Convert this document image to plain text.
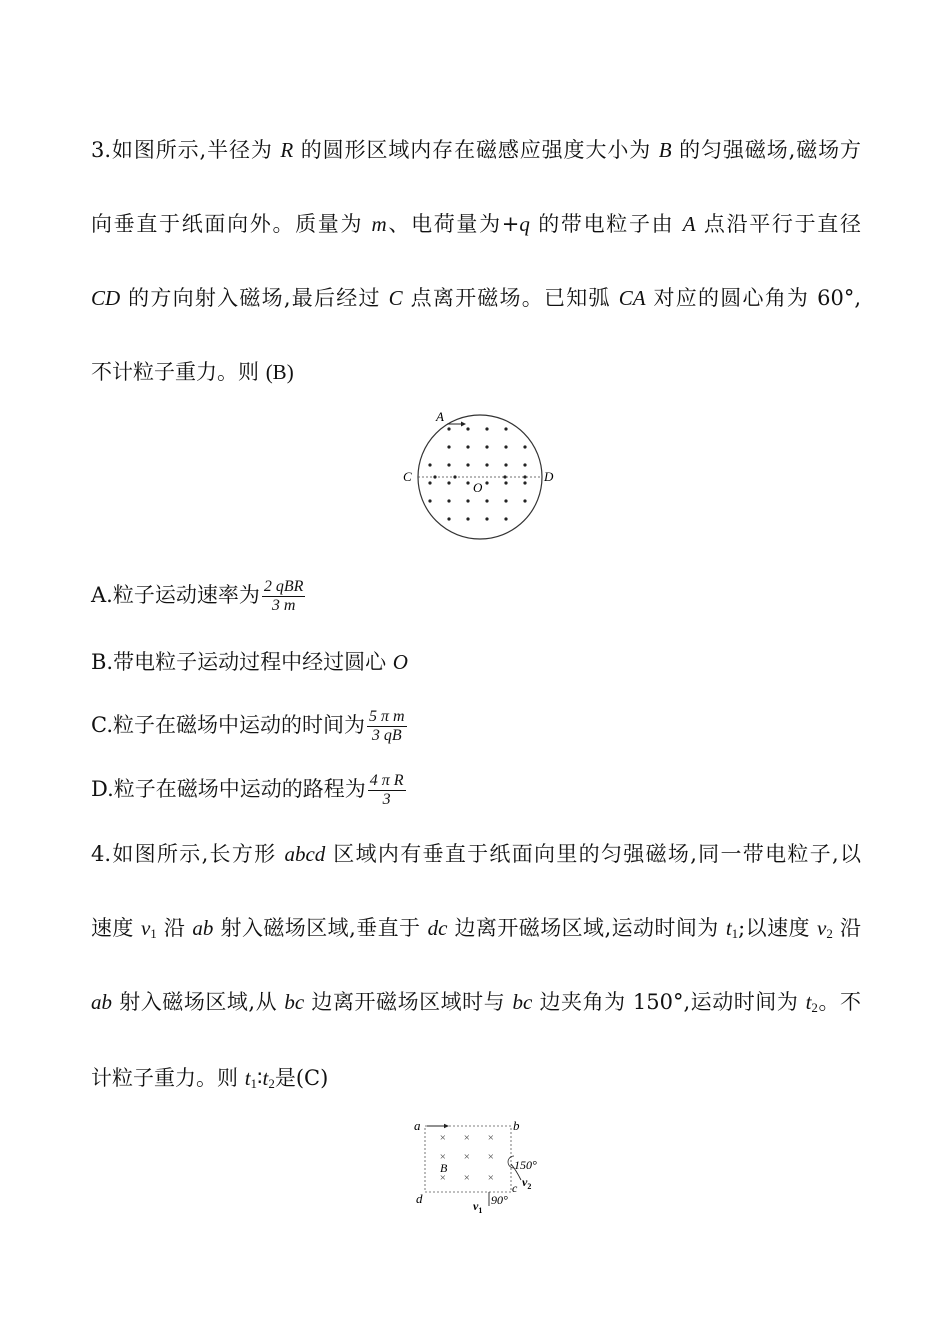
3.如图所示,半径为 R 的圆形区域内存在磁感应强度大小为 B 的匀强磁场,磁场方
向垂直于纸面向外。质量为 m、电荷量为+q 的带电粒子由 A 点沿平行于直径
CD 的方向射入磁场,最后经过 C 点离开磁场。已知弧 CA 对应的圆心角为 60°,
不计粒子重力。则 (B)
A
C	D
O
A.粒子运动速率为 $\frac{\text{2 qBR}}{3 m}$
B.带电粒子运动过程中经过圆心 O
C.粒子在磁场中运动的时间为 $\frac{\text{5 π m}}{3 qB}$
D.粒子在磁场中运动的路程为 $\frac{\text{4 π R}}{3}$
4.如图所示,长方形 abcd 区域内有垂直于纸面向里的匀强磁场,同一带电粒子,以
速度 $v_1$ 沿 ab 射入磁场区域,垂直于 dc 边离开磁场区域,运动时间为 $t_1$;以速度 $v_2$ 沿
ab 射入磁场区域,从 bc 边离开磁场区域时与 bc 边夹角为 150°,运动时间为 $t_2$。不
计粒子重力。则 $t_1∶t_2$是(C)
× × ×
× × ×
× × ×
a	b
c
d
B	150°
90°
$v_2$
$v_1$
